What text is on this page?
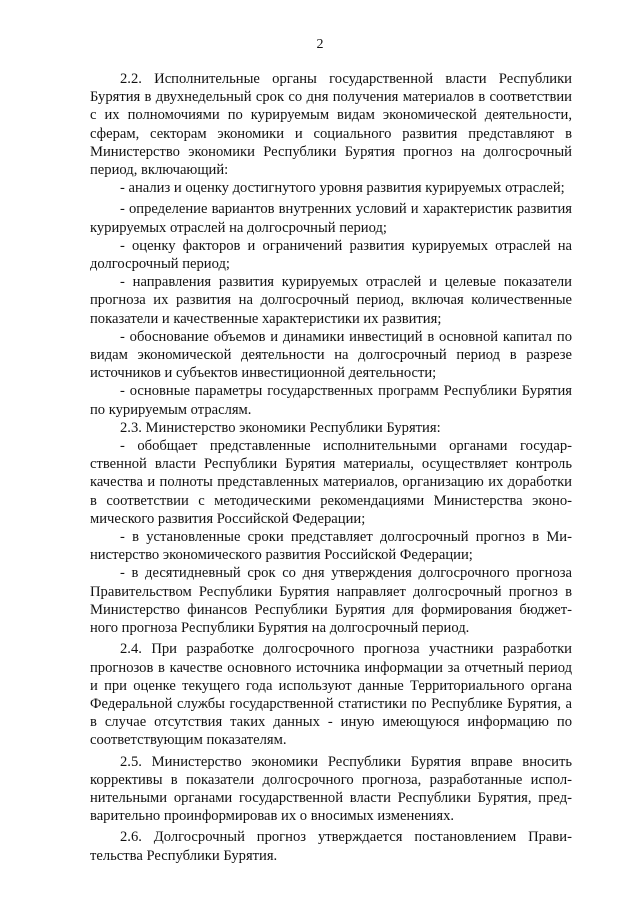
2

2.2. Исполнительные органы государственной власти Республики Бурятия в двухнедельный срок со дня получения материалов в соответствии с их полномочиями по курируемым видам экономической деятельности, сферам, секторам экономики и социального развития представляют в Министерство экономики Республики Бурятия прогноз на долгосрочный период, включающий:

- анализ и оценку достигнутого уровня развития курируемых отраслей;

- определение вариантов внутренних условий и характеристик развития курируемых отраслей на долгосрочный период;

- оценку факторов и ограничений развития курируемых отраслей на долгосрочный период;

- направления развития курируемых отраслей и целевые показатели прогноза их развития на долгосрочный период, включая количественные показатели и качественные характеристики их развития;

- обоснование объемов и динамики инвестиций в основной капитал по видам экономической деятельности на долгосрочный период в разрезе источников и субъектов инвестиционной деятельности;

- основные параметры государственных программ Республики Бурятия по курируемым отраслям.

2.3. Министерство экономики Республики Бурятия:

- обобщает представленные исполнительными органами государственной власти Республики Бурятия материалы, осуществляет контроль качества и полноты представленных материалов, организацию их доработки в соответствии с методическими рекомендациями Министерства экономического развития Российской Федерации;

- в установленные сроки представляет долгосрочный прогноз в Министерство экономического развития Российской Федерации;

- в десятидневный срок со дня утверждения долгосрочного прогноза Правительством Республики Бурятия направляет долгосрочный прогноз в Министерство финансов Республики Бурятия для формирования бюджетного прогноза Республики Бурятия на долгосрочный период.

2.4. При разработке долгосрочного прогноза участники разработки прогнозов в качестве основного источника информации за отчетный период и при оценке текущего года используют данные Территориального органа Федеральной службы государственной статистики по Республике Бурятия, а в случае отсутствия таких данных - иную имеющуюся информацию по соответствующим показателям.

2.5. Министерство экономики Республики Бурятия вправе вносить коррективы в показатели долгосрочного прогноза, разработанные исполнительными органами государственной власти Республики Бурятия, предварительно проинформировав их о вносимых изменениях.

2.6. Долгосрочный прогноз утверждается постановлением Правительства Республики Бурятия.
